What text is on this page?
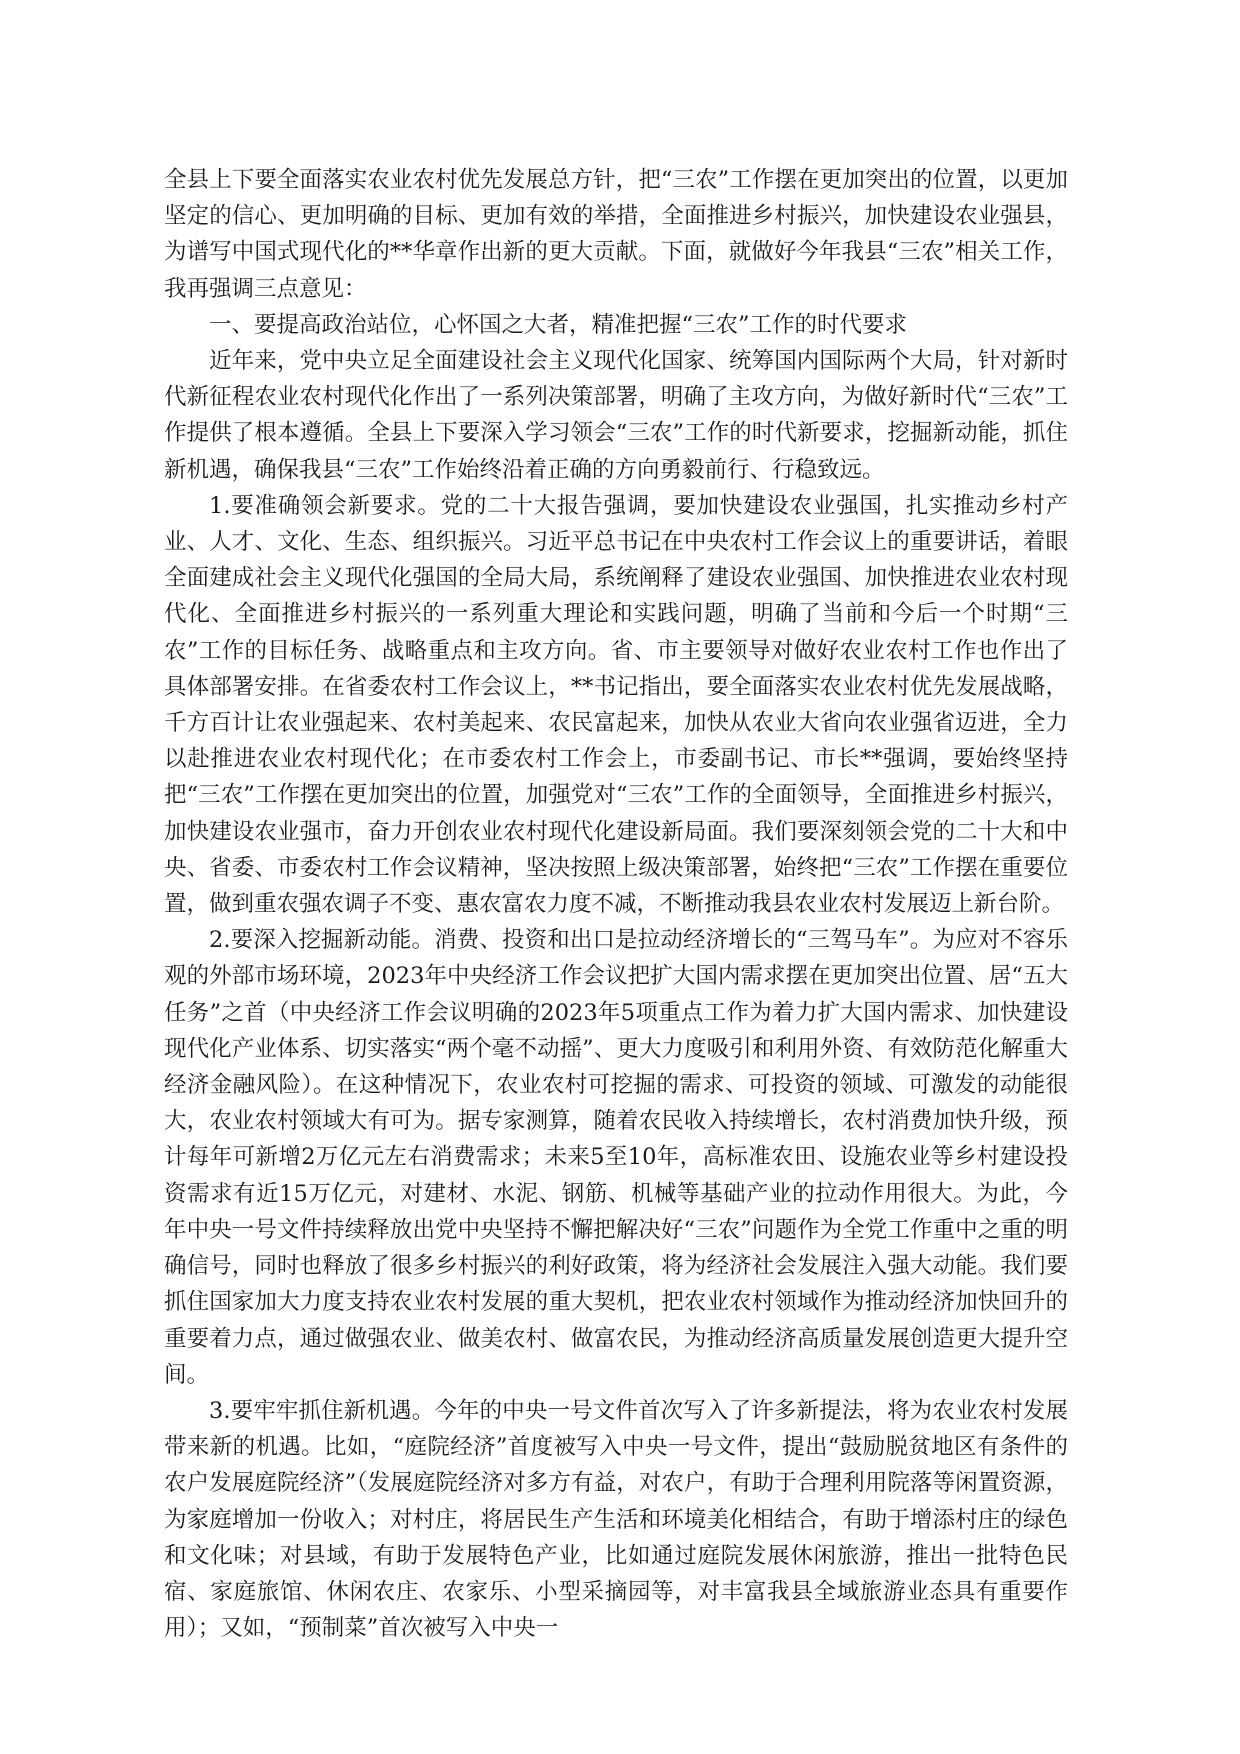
全县上下要全面落实农业农村优先发展总方针，把“三农”工作摆在更加突出的位置，以更加坚定的信心、更加明确的目标、更加有效的举措，全面推进乡村振兴，加快建设农业强县，为谱写中国式现代化的**华章作出新的更大贡献。下面，就做好今年我县“三农”相关工作，我再强调三点意见：

一、要提高政治站位，心怀国之大者，精准把握“三农”工作的时代要求

近年来，党中央立足全面建设社会主义现代化国家、统筹国内国际两个大局，针对新时代新征程农业农村现代化作出了一系列决策部署，明确了主攻方向，为做好新时代“三农”工作提供了根本遵循。全县上下要深入学习领会“三农”工作的时代新要求，挖掘新动能，抓住新机遇，确保我县“三农”工作始终沿着正确的方向勇毅前行、行稳致远。

1.要准确领会新要求。党的二十大报告强调，要加快建设农业强国，扎实推动乡村产业、人才、文化、生态、组织振兴。习近平总书记在中央农村工作会议上的重要讲话，着眼全面建成社会主义现代化强国的全局大局，系统阐释了建设农业强国、加快推进农业农村现代化、全面推进乡村振兴的一系列重大理论和实践问题，明确了当前和今后一个时期“三农”工作的目标任务、战略重点和主攻方向。省、市主要领导对做好农业农村工作也作出了具体部署安排。在省委农村工作会议上，**书记指出，要全面落实农业农村优先发展战略，千方百计让农业强起来、农村美起来、农民富起来，加快从农业大省向农业强省迈进，全力以赴推进农业农村现代化；在市委农村工作会上，市委副书记、市长**强调，要始终坚持把“三农”工作摆在更加突出的位置，加强党对“三农”工作的全面领导，全面推进乡村振兴，加快建设农业强市，奋力开创农业农村现代化建设新局面。我们要深刻领会党的二十大和中央、省委、市委农村工作会议精神，坚决按照上级决策部署，始终把“三农”工作摆在重要位置，做到重农强农调子不变、惠农富农力度不减，不断推动我县农业农村发展迈上新台阶。

2.要深入挖掘新动能。消费、投资和出口是拉动经济增长的“三驾马车”。为应对不容乐观的外部市场环境，2023年中央经济工作会议把扩大国内需求摆在更加突出位置、居“五大任务”之首（中央经济工作会议明确的2023年5项重点工作为着力扩大国内需求、加快建设现代化产业体系、切实落实“两个毫不动摇”、更大力度吸引和利用外资、有效防范化解重大经济金融风险）。在这种情况下，农业农村可挖掘的需求、可投资的领域、可激发的动能很大，农业农村领域大有可为。据专家测算，随着农民收入持续增长，农村消费加快升级，预计每年可新增2万亿元左右消费需求；未来5至10年，高标准农田、设施农业等乡村建设投资需求有近15万亿元，对建材、水泥、钢筋、机械等基础产业的拉动作用很大。为此，今年中央一号文件持续释放出党中央坚持不懈把解决好“三农”问题作为全党工作重中之重的明确信号，同时也释放了很多乡村振兴的利好政策，将为经济社会发展注入强大动能。我们要抓住国家加大力度支持农业农村发展的重大契机，把农业农村领域作为推动经济加快回升的重要着力点，通过做强农业、做美农村、做富农民，为推动经济高质量发展创造更大提升空间。

3.要牢牢抓住新机遇。今年的中央一号文件首次写入了许多新提法，将为农业农村发展带来新的机遇。比如，“庭院经济”首度被写入中央一号文件，提出“鼓励脱贫地区有条件的农户发展庭院经济”（发展庭院经济对多方有益，对农户，有助于合理利用院落等闲置资源，为家庭增加一份收入；对村庄，将居民生产生活和环境美化相结合，有助于增添村庄的绿色和文化味；对县域，有助于发展特色产业，比如通过庭院发展休闲旅游，推出一批特色民宿、家庭旅馆、休闲农庄、农家乐、小型采摘园等，对丰富我县全域旅游业态具有重要作用）；又如，“预制菜”首次被写入中央一
